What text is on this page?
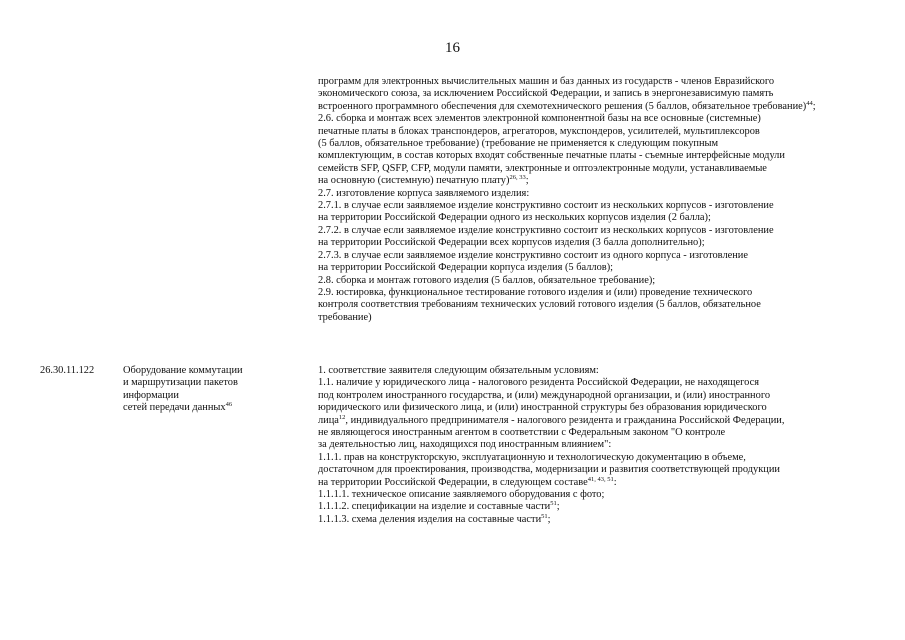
16
программ для электронных вычислительных машин и баз данных из государств - членов Евразийского
экономического союза, за исключением Российской Федерации, и запись в энергонезависимую память
встроенного программного обеспечения для схемотехнического решения (5 баллов, обязательное требование)$^{44}$;
2.6. сборка и монтаж всех элементов электронной компонентной базы на все основные (системные)
печатные платы в блоках транспондеров, агрегаторов, мукспондеров, усилителей, мультиплексоров
(5 баллов, обязательное требование) (требование не применяется к следующим покупным
комплектующим, в состав которых входят собственные печатные платы - съемные интерфейсные модули
семейств SFP, QSFP, CFP, модули памяти, электронные и оптоэлектронные модули, устанавливаемые
на основную (системную) печатную плату)$^{26, 33}$;
2.7. изготовление корпуса заявляемого изделия:
2.7.1. в случае если заявляемое изделие конструктивно состоит из нескольких корпусов - изготовление
на территории Российской Федерации одного из нескольких корпусов изделия (2 балла);
2.7.2. в случае если заявляемое изделие конструктивно состоит из нескольких корпусов - изготовление
на территории Российской Федерации всех корпусов изделия (3 балла дополнительно);
2.7.3. в случае если заявляемое изделие конструктивно состоит из одного корпуса - изготовление
на территории Российской Федерации корпуса изделия (5 баллов);
2.8. сборка и монтаж готового изделия (5 баллов, обязательное требование);
2.9. юстировка, функциональное тестирование готового изделия и (или) проведение технического
контроля соответствия требованиям технических условий готового изделия (5 баллов, обязательное
требование)
26.30.11.122	Оборудование коммутации
и маршрутизации пакетов
информации
сетей передачи данных$^{46}$
1. соответствие заявителя следующим обязательным условиям:
1.1. наличие у юридического лица - налогового резидента Российской Федерации, не находящегося
под контролем иностранного государства, и (или) международной организации, и (или) иностранного
юридического или физического лица, и (или) иностранной структуры без образования юридического
лица$^{12}$, индивидуального предпринимателя - налогового резидента и гражданина Российской Федерации,
не являющегося иностранным агентом в соответствии с Федеральным законом "О контроле
за деятельностью лиц, находящихся под иностранным влиянием":
1.1.1. прав на конструкторскую, эксплуатационную и технологическую документацию в объеме,
достаточном для проектирования, производства, модернизации и развития соответствующей продукции
на территории Российской Федерации, в следующем составе$^{41, 43, 51}$:
1.1.1.1. техническое описание заявляемого оборудования с фото;
1.1.1.2. спецификации на изделие и составные части$^{51}$;
1.1.1.3. схема деления изделия на составные части$^{51}$;
